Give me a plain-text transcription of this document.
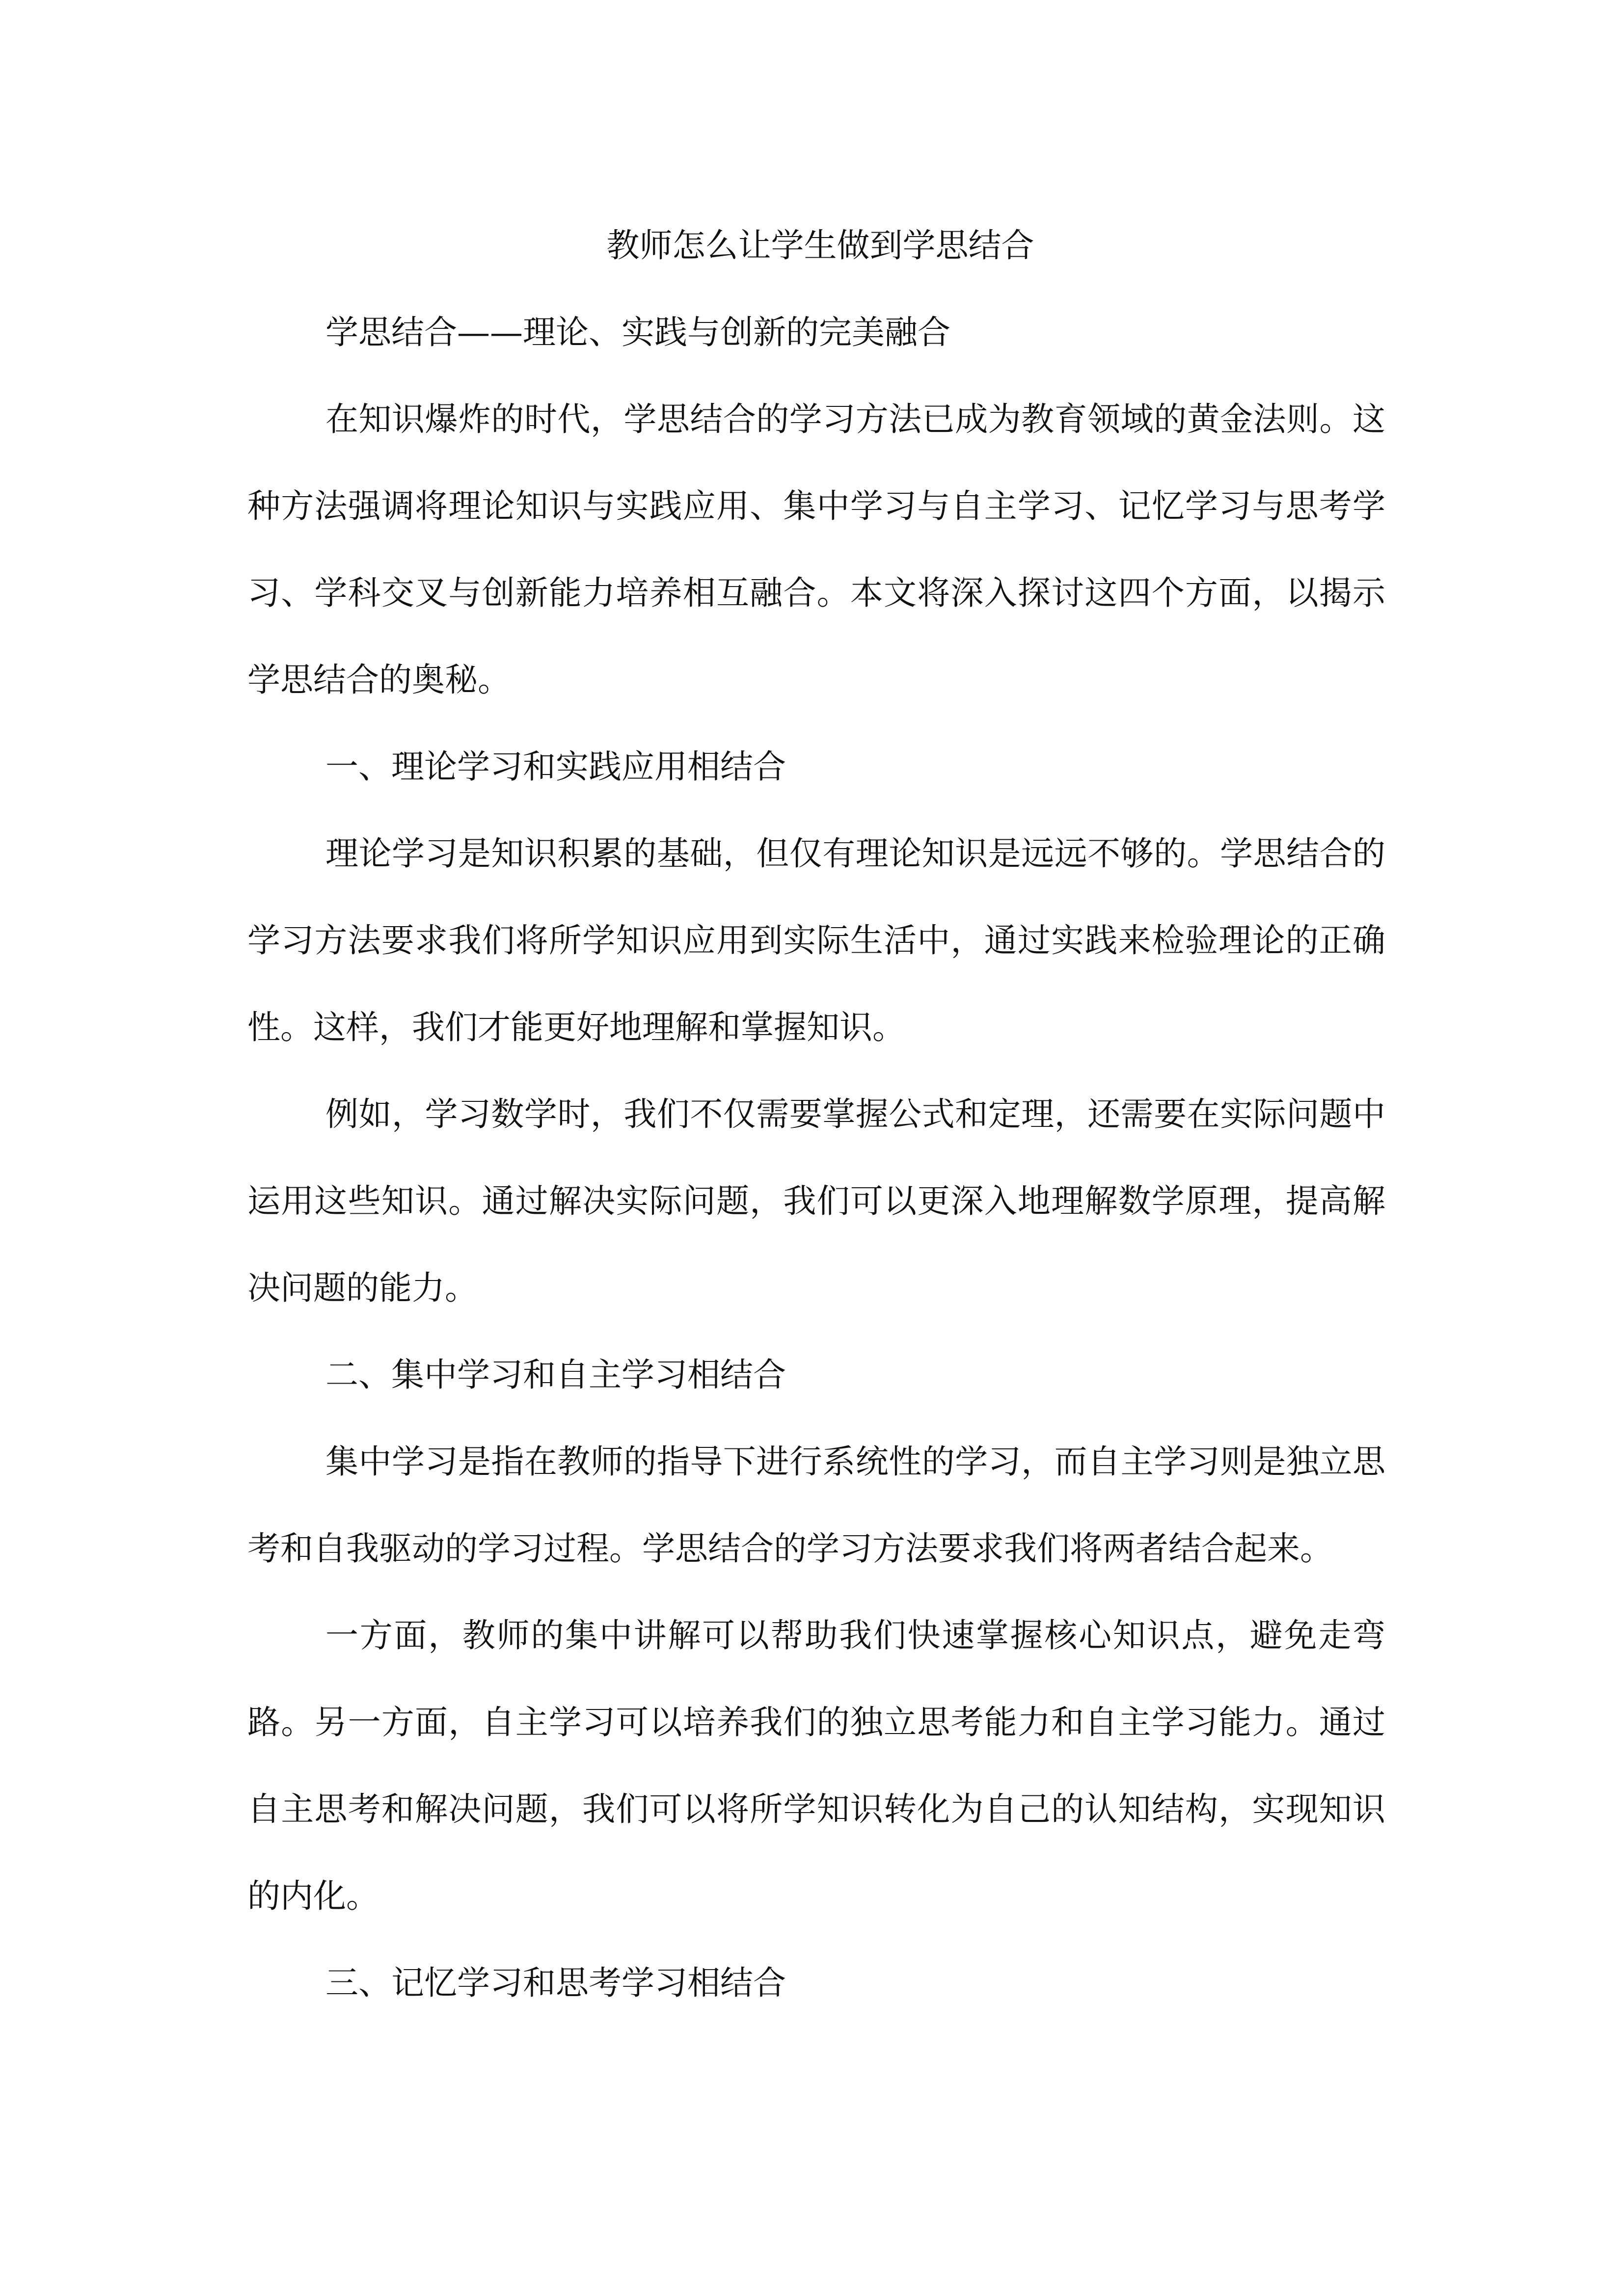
教师怎么让学生做到学思结合

学思结合——理论、实践与创新的完美融合

在知识爆炸的时代，学思结合的学习方法已成为教育领域的黄金法则。这种方法强调将理论知识与实践应用、集中学习与自主学习、记忆学习与思考学习、学科交叉与创新能力培养相互融合。本文将深入探讨这四个方面，以揭示学思结合的奥秘。

一、理论学习和实践应用相结合

理论学习是知识积累的基础，但仅有理论知识是远远不够的。学思结合的学习方法要求我们将所学知识应用到实际生活中，通过实践来检验理论的正确性。这样，我们才能更好地理解和掌握知识。

例如，学习数学时，我们不仅需要掌握公式和定理，还需要在实际问题中运用这些知识。通过解决实际问题，我们可以更深入地理解数学原理，提高解决问题的能力。

二、集中学习和自主学习相结合

集中学习是指在教师的指导下进行系统性的学习，而自主学习则是独立思考和自我驱动的学习过程。学思结合的学习方法要求我们将两者结合起来。

一方面，教师的集中讲解可以帮助我们快速掌握核心知识点，避免走弯路。另一方面，自主学习可以培养我们的独立思考能力和自主学习能力。通过自主思考和解决问题，我们可以将所学知识转化为自己的认知结构，实现知识的内化。

三、记忆学习和思考学习相结合
